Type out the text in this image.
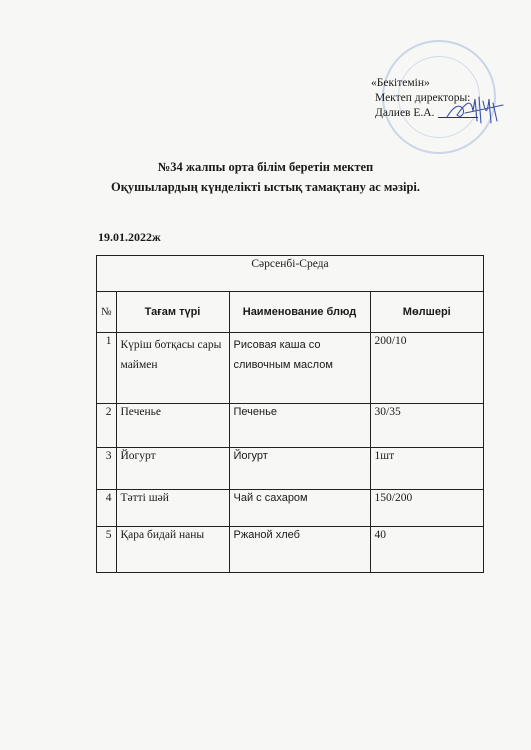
«Бекітемін»
Мектеп директоры:
Далиев Е.А.
№34 жалпы орта білім беретін мектеп
Оқушылардың күнделікті ыстық тамақтану ас мәзірі.
19.01.2022ж
Сәрсенбі-Среда			
№	Тағам түрі	Наименование блюд	Мөлшері
1	Күріш ботқасы сары маймен	Рисовая каша со сливочным маслом	200/10
2	Печенье	Печенье	30/35
3	Йогурт	Йогурт	1шт
4	Тәтті шәй	Чай с сахаром	150/200
5	Қара бидай наны	Ржаной хлеб	40
